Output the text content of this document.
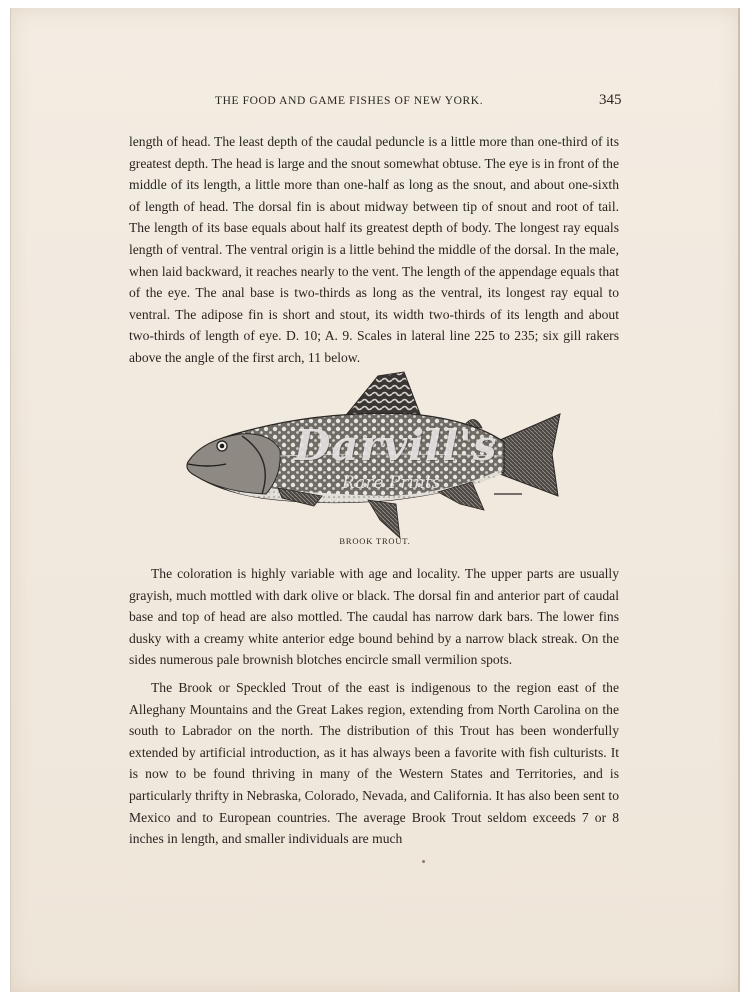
THE FOOD AND GAME FISHES OF NEW YORK.	345

length of head. The least depth of the caudal peduncle is a little more than one-third of its greatest depth. The head is large and the snout somewhat obtuse. The eye is in front of the middle of its length, a little more than one-half as long as the snout, and about one-sixth of length of head. The dorsal fin is about midway between tip of snout and root of tail. The length of its base equals about half its greatest depth of body. The longest ray equals length of ventral. The ventral origin is a little behind the middle of the dorsal. In the male, when laid backward, it reaches nearly to the vent. The length of the appendage equals that of the eye. The anal base is two-thirds as long as the ventral, its longest ray equal to ventral. The adipose fin is short and stout, its width two-thirds of its length and about two-thirds of length of eye. D. 10; A. 9. Scales in lateral line 225 to 235; six gill rakers above the angle of the first arch, 11 below.

Darvill's
Rare Prints
BROOK TROUT.

The coloration is highly variable with age and locality. The upper parts are usually grayish, much mottled with dark olive or black. The dorsal fin and anterior part of caudal base and top of head are also mottled. The caudal has narrow dark bars. The lower fins dusky with a creamy white anterior edge bound behind by a narrow black streak. On the sides numerous pale brownish blotches encircle small vermilion spots.

The Brook or Speckled Trout of the east is indigenous to the region east of the Alleghany Mountains and the Great Lakes region, extending from North Carolina on the south to Labrador on the north. The distribution of this Trout has been wonderfully extended by artificial introduction, as it has always been a favorite with fish culturists. It is now to be found thriving in many of the Western States and Territories, and is particularly thrifty in Nebraska, Colorado, Nevada, and California. It has also been sent to Mexico and to European countries. The average Brook Trout seldom exceeds 7 or 8 inches in length, and smaller individuals are much
